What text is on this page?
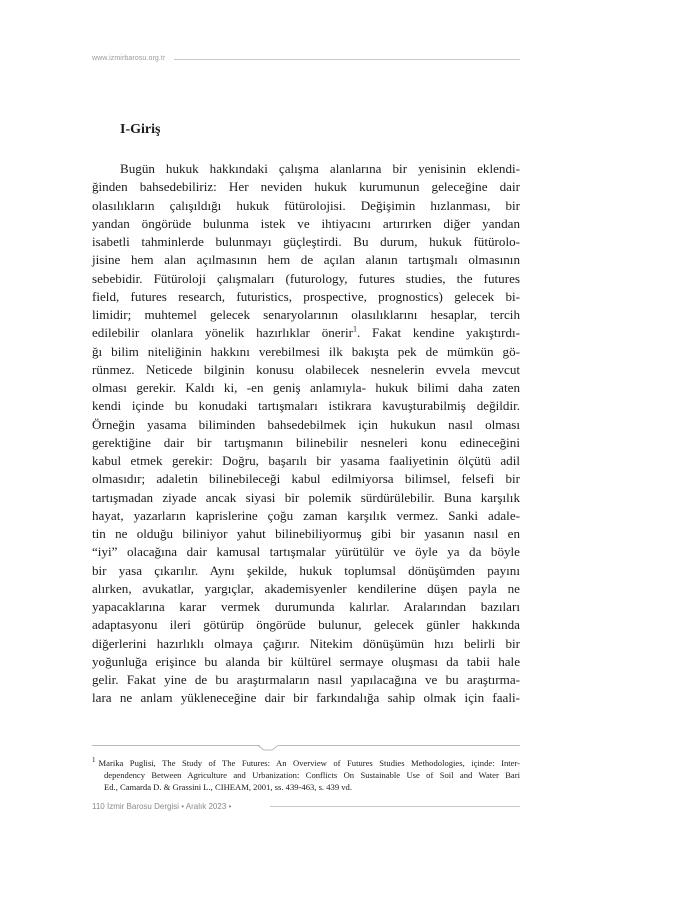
www.izmirbarosu.org.tr
I-Giriş
Bugün hukuk hakkındaki çalışma alanlarına bir yenisinin eklendi-
ğinden bahsedebiliriz: Her neviden hukuk kurumunun geleceğine dair
olasılıkların çalışıldığı hukuk fütürolojisi. Değişimin hızlanması, bir
yandan öngörüde bulunma istek ve ihtiyacını artırırken diğer yandan
isabetli tahminlerde bulunmayı güçleştirdi. Bu durum, hukuk fütürolo-
jisine hem alan açılmasının hem de açılan alanın tartışmalı olmasının
sebebidir. Fütüroloji çalışmaları (futurology, futures studies, the futures
field, futures research, futuristics, prospective, prognostics) gelecek bi-
limidir; muhtemel gelecek senaryolarının olasılıklarını hesaplar, tercih
edilebilir olanlara yönelik hazırlıklar önerir$^1$. Fakat kendine yakıştırdı-
ğı bilim niteliğinin hakkını verebilmesi ilk bakışta pek de mümkün gö-
rünmez. Neticede bilginin konusu olabilecek nesnelerin evvela mevcut
olması gerekir. Kaldı ki, -en geniş anlamıyla- hukuk bilimi daha zaten
kendi içinde bu konudaki tartışmaları istikrara kavuşturabilmiş değildir.
Örneğin yasama biliminden bahsedebilmek için hukukun nasıl olması
gerektiğine dair bir tartışmanın bilinebilir nesneleri konu edineceğini
kabul etmek gerekir: Doğru, başarılı bir yasama faaliyetinin ölçütü adil
olmasıdır; adaletin bilinebileceği kabul edilmiyorsa bilimsel, felsefi bir
tartışmadan ziyade ancak siyasi bir polemik sürdürülebilir. Buna karşılık
hayat, yazarların kaprislerine çoğu zaman karşılık vermez. Sanki adale-
tin ne olduğu biliniyor yahut bilinebiliyormuş gibi bir yasanın nasıl en
“iyi” olacağına dair kamusal tartışmalar yürütülür ve öyle ya da böyle
bir yasa çıkarılır. Aynı şekilde, hukuk toplumsal dönüşümden payını
alırken, avukatlar, yargıçlar, akademisyenler kendilerine düşen payla ne
yapacaklarına karar vermek durumunda kalırlar. Aralarından bazıları
adaptasyonu ileri götürüp öngörüde bulunur, gelecek günler hakkında
diğerlerini hazırlıklı olmaya çağırır. Nitekim dönüşümün hızı belirli bir
yoğunluğa erişince bu alanda bir kültürel sermaye oluşması da tabii hale
gelir. Fakat yine de bu araştırmaların nasıl yapılacağına ve bu araştırma-
lara ne anlam yükleneceğine dair bir farkındalığa sahip olmak için faali-
$^1$ Marika Puglisi, The Study of The Futures: An Overview of Futures Studies Methodologies, içinde: Inter-
dependency Between Agriculture and Urbanization: Conflicts On Sustainable Use of Soil and Water Bari
Ed., Camarda D. & Grassini L., CIHEAM, 2001, ss. 439-463, s. 439 vd.
110 İzmir Barosu Dergisi • Aralık 2023 •
